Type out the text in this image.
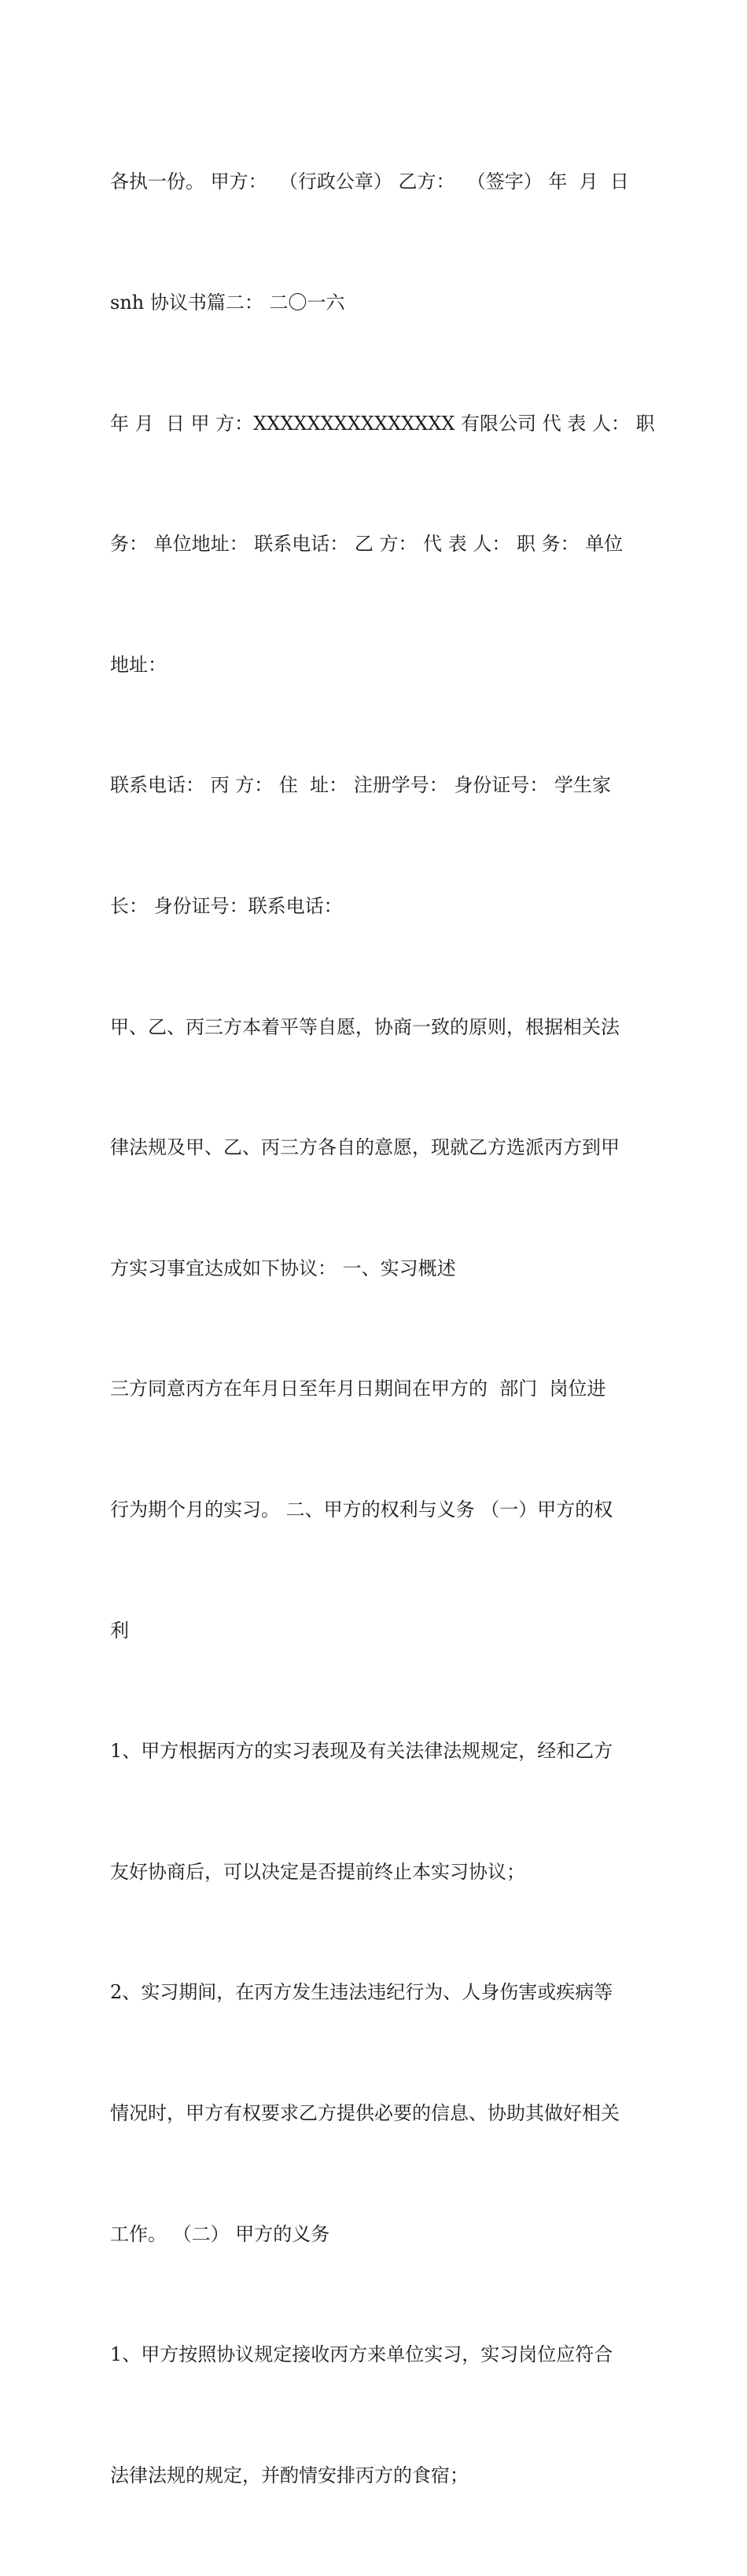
各执一份。 甲方：  （行政公章） 乙方：  （签字） 年  月  日

snh 协议书篇二： 二〇一六

年 月  日 甲 方：XXXXXXXXXXXXXXX 有限公司 代 表 人： 职

务： 单位地址： 联系电话： 乙 方： 代 表 人： 职 务： 单位

地址：

联系电话： 丙 方： 住  址： 注册学号： 身份证号： 学生家

长： 身份证号：联系电话：

甲、乙、丙三方本着平等自愿，协商一致的原则，根据相关法

律法规及甲、乙、丙三方各自的意愿，现就乙方选派丙方到甲

方实习事宜达成如下协议： 一、实习概述

三方同意丙方在年月日至年月日期间在甲方的  部门  岗位进

行为期个月的实习。 二、甲方的权利与义务 （一）甲方的权

利

1、甲方根据丙方的实习表现及有关法律法规规定，经和乙方

友好协商后，可以决定是否提前终止本实习协议；

2、实习期间，在丙方发生违法违纪行为、人身伤害或疾病等

情况时，甲方有权要求乙方提供必要的信息、协助其做好相关

工作。 （二） 甲方的义务

1、甲方按照协议规定接收丙方来单位实习，实习岗位应符合

法律法规的规定，并酌情安排丙方的食宿；
